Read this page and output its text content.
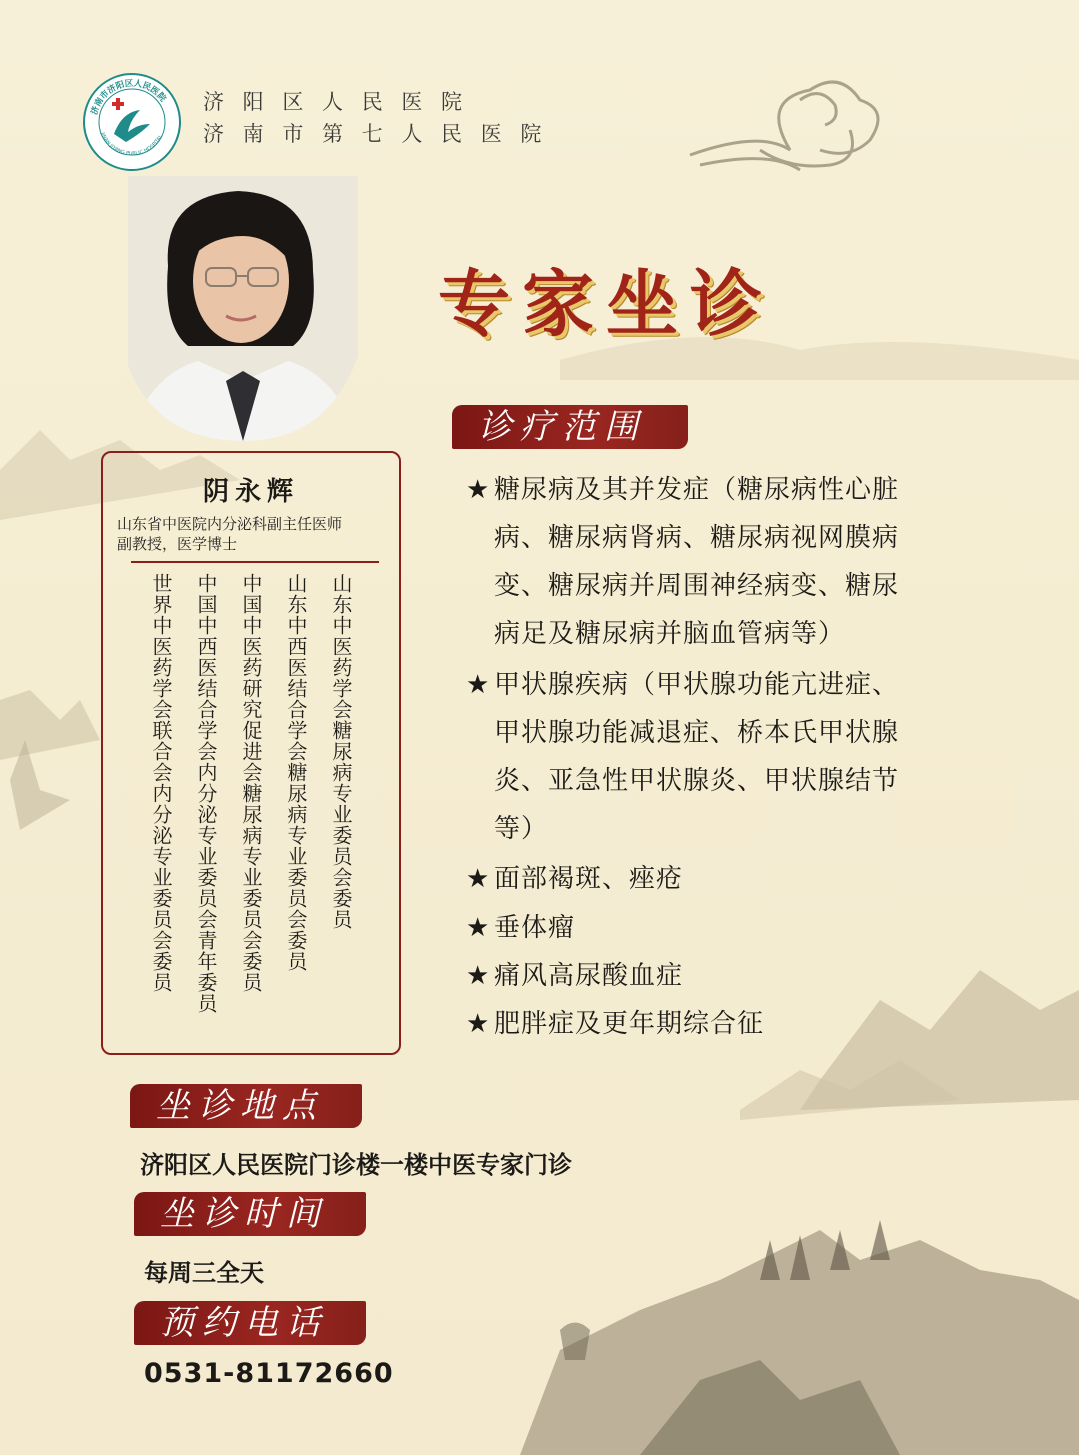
济南市济阳区人民医院
JINAN JIYANG PUBLIC HOSPITAL
济 阳 区 人 民 医 院
济 南 市 第 七 人 民 医 院
专家坐诊
诊疗范围
阴永辉
山东省中医院内分泌科副主任医师
副教授，医学博士
山东中医药学会糖尿病专业委员会委员
山东中西医结合学会糖尿病专业委员会委员
中国中医药研究促进会糖尿病专业委员会委员
中国中西医结合学会内分泌专业委员会青年委员
世界中医药学会联合会内分泌专业委员会委员
★ 糖尿病及其并发症（糖尿病性心脏
病、糖尿病肾病、糖尿病视网膜病
变、糖尿病并周围神经病变、糖尿
病足及糖尿病并脑血管病等）
★ 甲状腺疾病（甲状腺功能亢进症、
甲状腺功能减退症、桥本氏甲状腺
炎、亚急性甲状腺炎、甲状腺结节
等）
★ 面部褐斑、痤疮
★ 垂体瘤
★ 痛风高尿酸血症
★ 肥胖症及更年期综合征
坐诊地点
济阳区人民医院门诊楼一楼中医专家门诊
坐诊时间
每周三全天
预约电话
0531-81172660
